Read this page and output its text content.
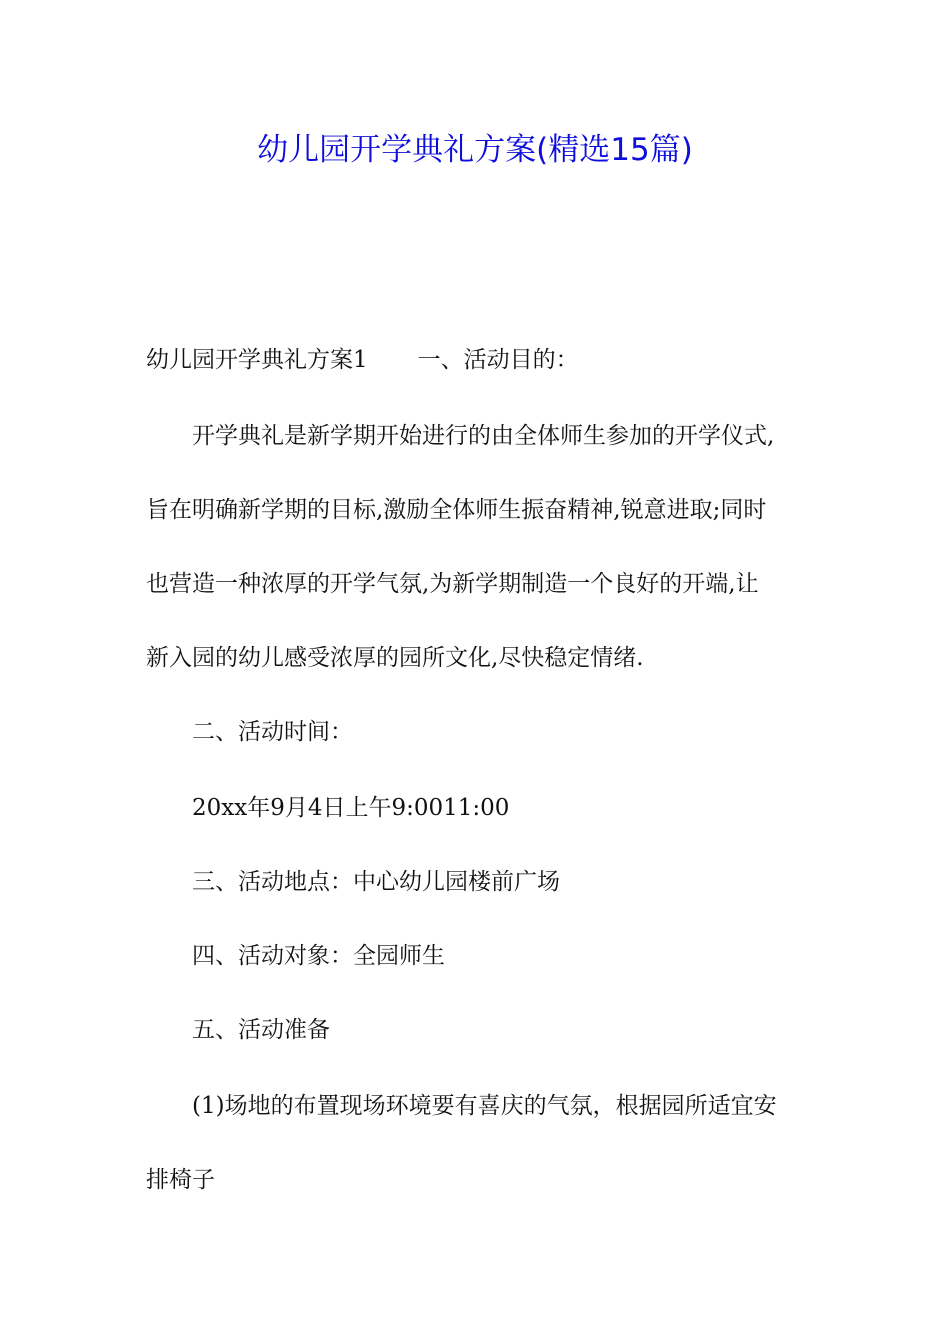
幼儿园开学典礼方案(精选15篇)
幼儿园开学典礼方案1 一、活动目的：
开学典礼是新学期开始进行的由全体师生参加的开学仪式,
旨在明确新学期的目标,激励全体师生振奋精神,锐意进取;同时
也营造一种浓厚的开学气氛,为新学期制造一个良好的开端,让
新入园的幼儿感受浓厚的园所文化,尽快稳定情绪.
二、活动时间：
20xx年9月4日上午9:0011:00
三、活动地点：中心幼儿园楼前广场
四、活动对象：全园师生
五、活动准备
(1)场地的布置现场环境要有喜庆的气氛，根据园所适宜安
排椅子
